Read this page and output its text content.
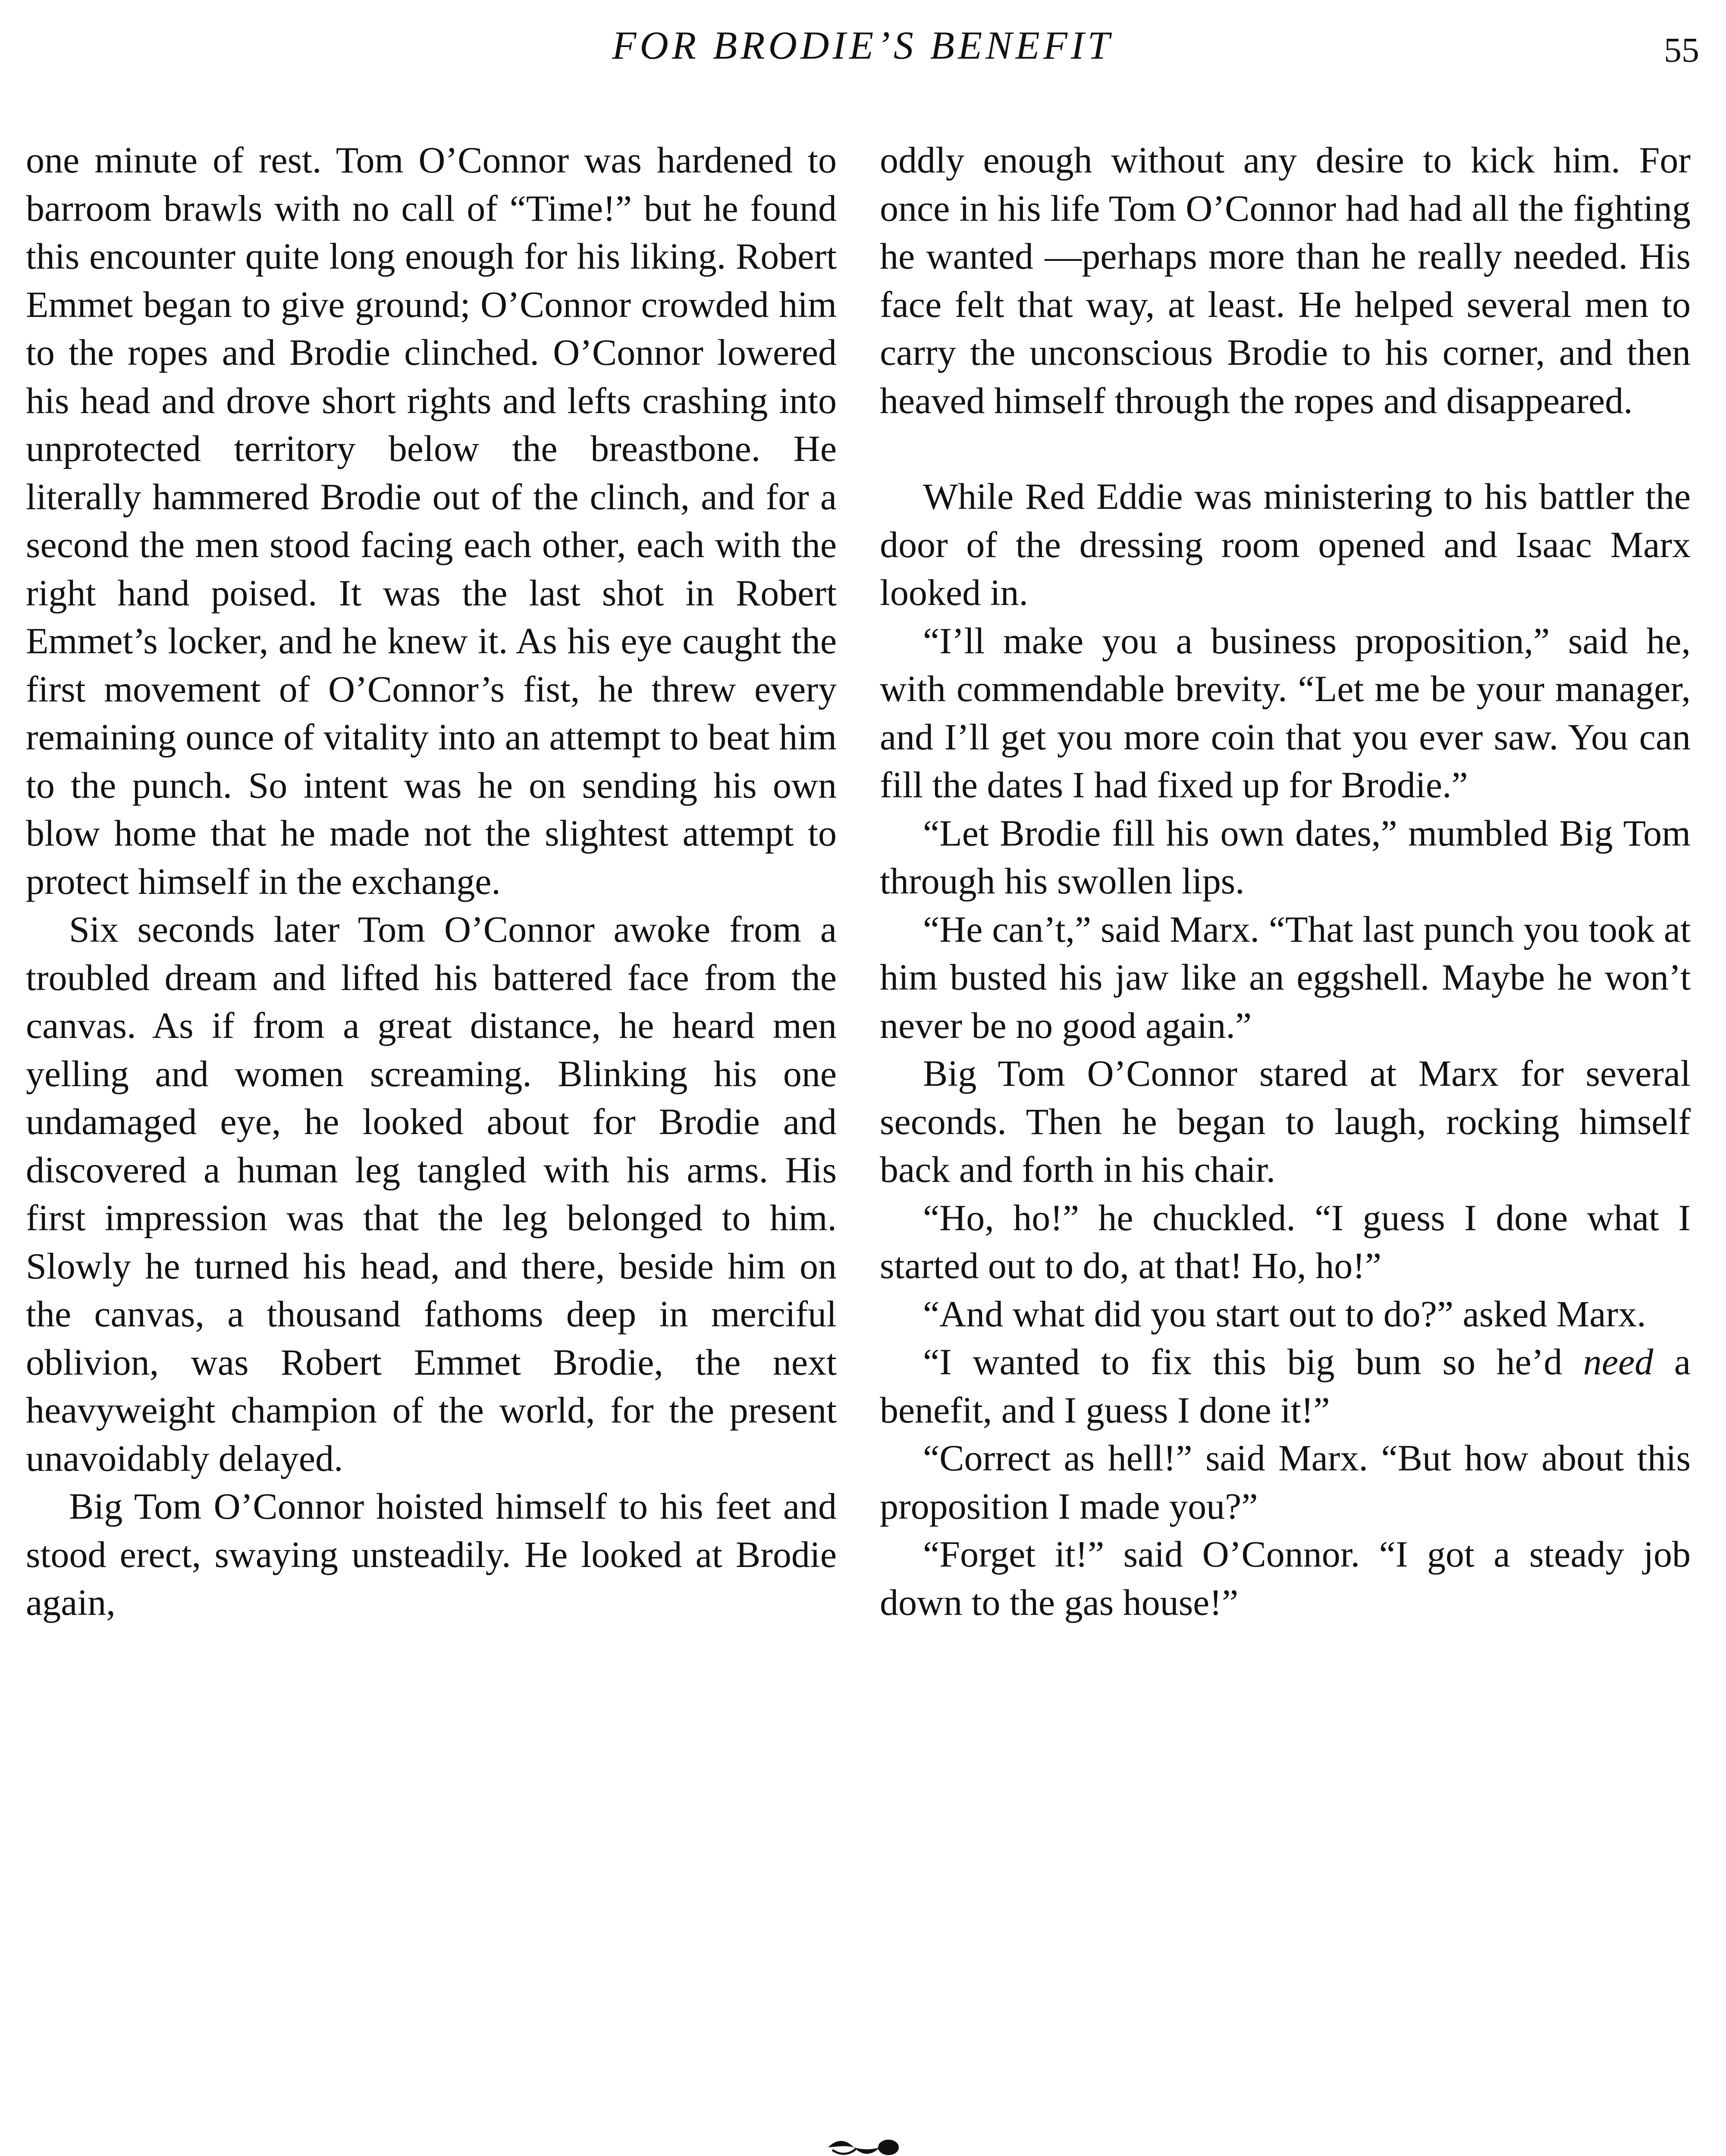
FOR BRODIE’S BENEFIT	55

one minute of rest. Tom O’Connor was hardened to barroom brawls with no call of “Time!” but he found this encounter quite long enough for his liking. Robert Emmet began to give ground; O’Connor crowded him to the ropes and Brodie clinched. O’Connor lowered his head and drove short rights and lefts crashing into unprotected territory below the breastbone. He literally hammered Brodie out of the clinch, and for a second the men stood facing each other, each with the right hand poised. It was the last shot in Robert Emmet’s locker, and he knew it. As his eye caught the first movement of O’Connor’s fist, he threw every remaining ounce of vitality into an attempt to beat him to the punch. So intent was he on sending his own blow home that he made not the slightest attempt to protect himself in the exchange.

Six seconds later Tom O’Connor awoke from a troubled dream and lifted his battered face from the canvas. As if from a great distance, he heard men yelling and women screaming. Blinking his one undamaged eye, he looked about for Brodie and discovered a human leg tangled with his arms. His first impression was that the leg belonged to him. Slowly he turned his head, and there, beside him on the canvas, a thousand fathoms deep in merciful oblivion, was Robert Emmet Brodie, the next heavyweight champion of the world, for the present unavoidably delayed.

Big Tom O’Connor hoisted himself to his feet and stood erect, swaying unsteadily. He looked at Brodie again,

oddly enough without any desire to kick him. For once in his life Tom O’Connor had had all the fighting he wanted —perhaps more than he really needed. His face felt that way, at least. He helped several men to carry the unconscious Brodie to his corner, and then heaved himself through the ropes and disappeared.

While Red Eddie was ministering to his battler the door of the dressing room opened and Isaac Marx looked in.

“I’ll make you a business proposition,” said he, with commendable brevity. “Let me be your manager, and I’ll get you more coin that you ever saw. You can fill the dates I had fixed up for Brodie.”

“Let Brodie fill his own dates,” mumbled Big Tom through his swollen lips.

“He can’t,” said Marx. “That last punch you took at him busted his jaw like an eggshell. Maybe he won’t never be no good again.”

Big Tom O’Connor stared at Marx for several seconds. Then he began to laugh, rocking himself back and forth in his chair.

“Ho, ho!” he chuckled. “I guess I done what I started out to do, at that! Ho, ho!”

“And what did you start out to do?” asked Marx.

“I wanted to fix this big bum so he’d need a benefit, and I guess I done it!”

“Correct as hell!” said Marx. “But how about this proposition I made you?”

“Forget it!” said O’Connor. “I got a steady job down to the gas house!”
